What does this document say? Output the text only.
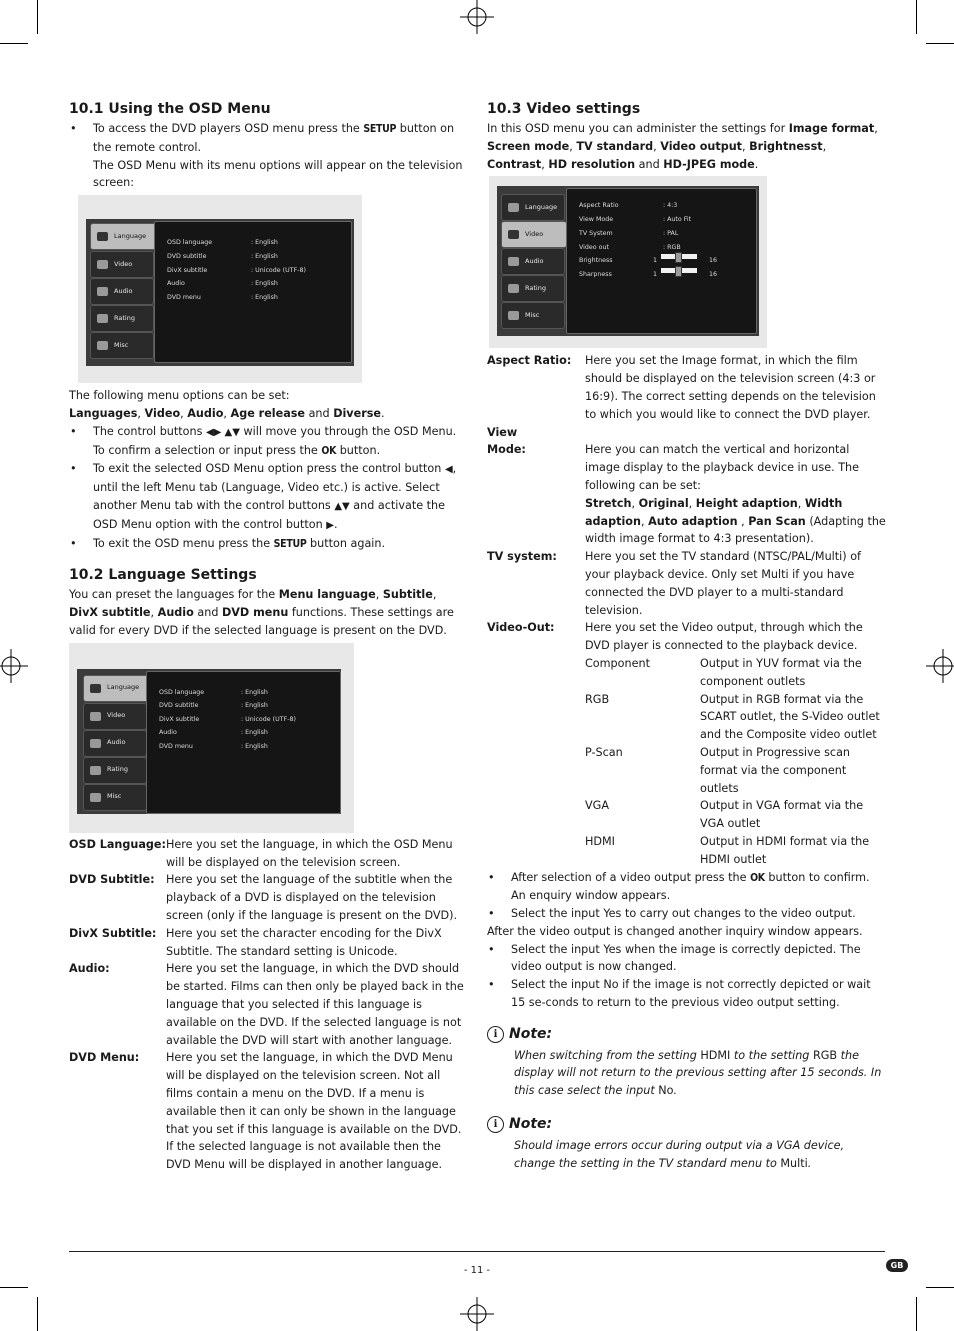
10.1 Using the OSD Menu
• To access the DVD players OSD menu press the SETUP button on the remote control.
The OSD Menu with its menu options will appear on the television screen:
Language
Video
Audio
Rating
Misc
OSD language	: English
DVD subtitle	: English
DivX subtitle	: Unicode (UTF-8)
Audio	: English
DVD menu	: English

The following menu options can be set:

Languages, Video, Audio, Age release and Diverse.

• The control buttons ◀▶ ▲▼ will move you through the OSD Menu.
To confirm a selection or input press the OK button.
• To exit the selected OSD Menu option press the control button ◀, until the left Menu tab (Language, Video etc.) is active. Select another Menu tab with the control buttons ▲▼ and activate the OSD Menu option with the control button ▶.
• To exit the OSD menu press the SETUP button again.
10.2 Language Settings

You can preset the languages for the Menu language, Subtitle, DivX subtitle, Audio and DVD menu functions. These settings are valid for every DVD if the selected language is present on the DVD.

Language
Video
Audio
Rating
Misc
OSD language	: English
DVD subtitle	: English
DivX subtitle	: Unicode (UTF-8)
Audio	: English
DVD menu	: English
OSD Language: Here you set the language, in which the OSD Menu will be displayed on the television screen.
DVD Subtitle:	Here you set the language of the subtitle when the playback of a DVD is displayed on the television screen (only if the language is present on the DVD).
DivX Subtitle: Here you set the character encoding for the DivX Subtitle. The standard setting is Unicode.
Audio:	Here you set the language, in which the DVD should be started. Films can then only be played back in the language that you selected if this language is available on the DVD. If the selected language is not available the DVD will start with another language.
DVD Menu:	Here you set the language, in which the DVD Menu will be displayed on the television screen. Not all films contain a menu on the DVD. If a menu is available then it can only be shown in the language that you set if this language is available on the DVD. If the selected language is not available then the DVD Menu will be displayed in another language.
10.3 Video settings

In this OSD menu you can administer the settings for Image format, Screen mode, TV standard, Video output, Brightnesst, Contrast, HD resolution and HD-JPEG mode.

Language
Video
Audio
Rating
Misc
Aspect Ratio	: 4:3
View Mode	: Auto Fit
TV System	: PAL
Video out	: RGB
Brightness	1	16
Sharpness	1	16
Aspect Ratio:	Here you set the Image format, in which the film should be displayed on the television screen (4:3 or 16:9). The correct setting depends on the television to which you would like to connect the DVD player.
View
Mode:	Here you can match the vertical and horizontal image display to the playback device in use. The following can be set:
Stretch, Original, Height adaption, Width adaption, Auto adaption , Pan Scan (Adapting the width image format to 4:3 presentation).
TV system:	Here you set the TV standard (NTSC/PAL/Multi) of your playback device. Only set Multi if you have connected the DVD player to a multi-standard television.
Video-Out:	Here you set the Video output, through which the DVD player is connected to the playback device.
Component	Output in YUV format via the component outlets
RGB	Output in RGB format via the SCART outlet, the S-Video outlet and the Composite video outlet
P-Scan	Output in Progressive scan format via the component outlets
VGA	Output in VGA format via the VGA outlet
HDMI	Output in HDMI format via the HDMI outlet
• After selection of a video output press the OK button to confirm. An enquiry window appears.
• Select the input Yes to carry out changes to the video output.

After the video output is changed another inquiry window appears.

• Select the input Yes when the image is correctly depicted. The video output is now changed.
• Select the input No if the image is not correctly depicted or wait 15 se-conds to return to the previous video output setting.
i Note:

When switching from the setting HDMI to the setting RGB the display will not return to the previous setting after 15 seconds. In this case select the input No.

i Note:

Should image errors occur during output via a VGA device, change the setting in the TV standard menu to Multi.

- 11 -	GB
